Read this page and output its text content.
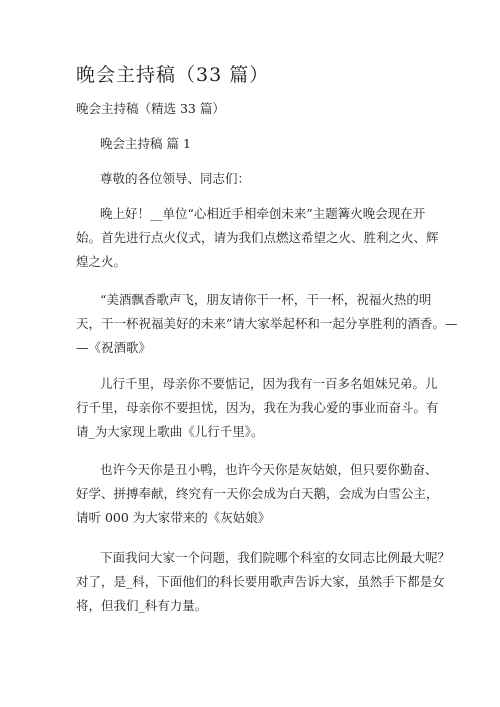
晚会主持稿（33 篇）
晚会主持稿（精选 33 篇）
晚会主持稿 篇 1
尊敬的各位领导、同志们：
晚上好！__单位“心相近手相牵创未来”主题篝火晚会现在开
始。首先进行点火仪式，请为我们点燃这希望之火、胜利之火、辉
煌之火。
“美酒飘香歌声飞，朋友请你干一杯，干一杯，祝福火热的明
天，干一杯祝福美好的未来”请大家举起杯和一起分享胜利的酒香。—
—《祝酒歌》
儿行千里，母亲你不要惦记，因为我有一百多名姐妹兄弟。儿
行千里，母亲你不要担忧，因为，我在为我心爱的事业而奋斗。有
请_为大家现上歌曲《儿行千里》。
也许今天你是丑小鸭，也许今天你是灰姑娘，但只要你勤奋、
好学、拼搏奉献，终究有一天你会成为白天鹅，会成为白雪公主，
请听 000 为大家带来的《灰姑娘》
下面我问大家一个问题，我们院哪个科室的女同志比例最大呢？
对了，是_科，下面他们的科长要用歌声告诉大家，虽然手下都是女
将，但我们_科有力量。
